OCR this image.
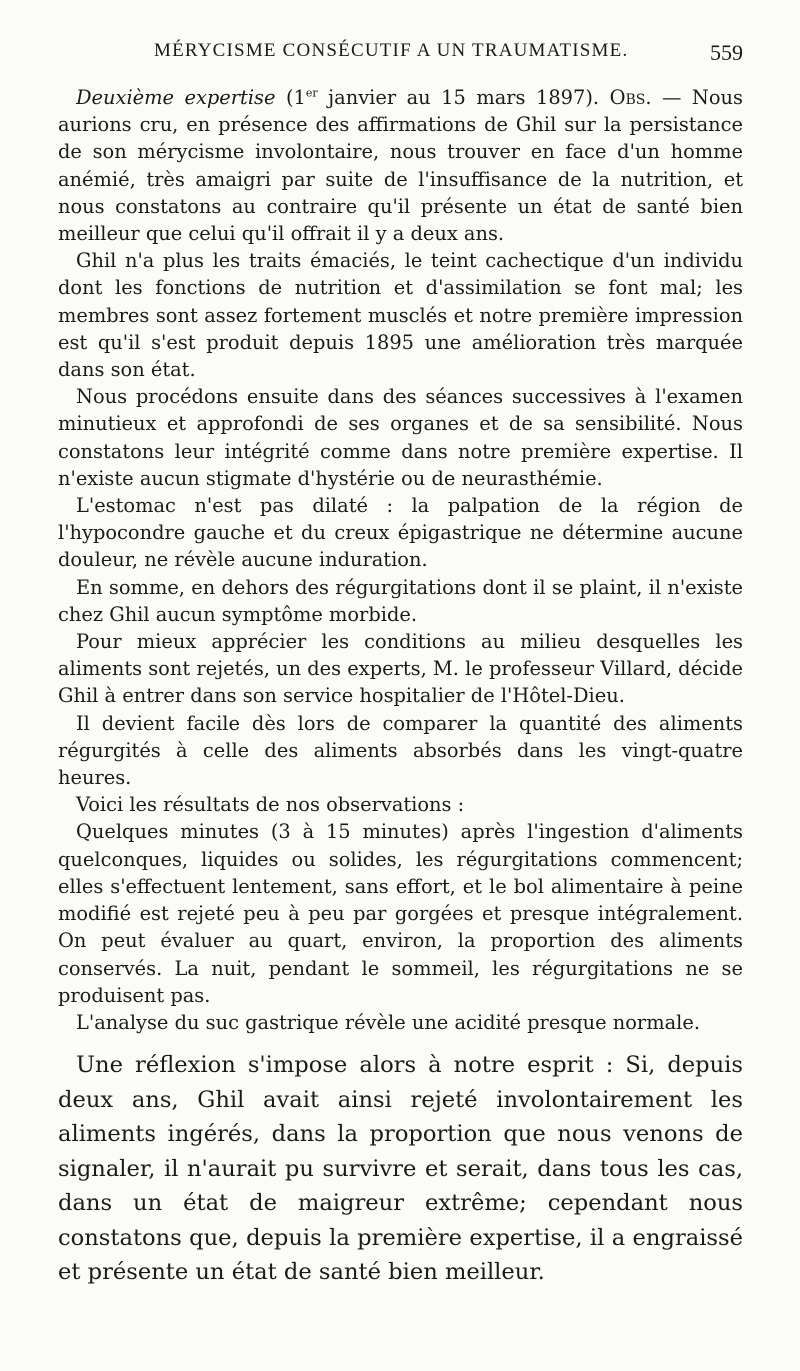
MÉRYCISME CONSÉCUTIF A UN TRAUMATISME.	559

Deuxième expertise (1er janvier au 15 mars 1897). Obs. — Nous aurions cru, en présence des affirmations de Ghil sur la persistance de son mérycisme involontaire, nous trouver en face d'un homme anémié, très amaigri par suite de l'insuffisance de la nutrition, et nous constatons au contraire qu'il présente un état de santé bien meilleur que celui qu'il offrait il y a deux ans.

Ghil n'a plus les traits émaciés, le teint cachectique d'un individu dont les fonctions de nutrition et d'assimilation se font mal; les membres sont assez fortement musclés et notre première impression est qu'il s'est produit depuis 1895 une amélioration très marquée dans son état.

Nous procédons ensuite dans des séances successives à l'examen minutieux et approfondi de ses organes et de sa sensibilité. Nous constatons leur intégrité comme dans notre première expertise. Il n'existe aucun stigmate d'hystérie ou de neurasthémie.

L'estomac n'est pas dilaté : la palpation de la région de l'hypocondre gauche et du creux épigastrique ne détermine aucune douleur, ne révèle aucune induration.

En somme, en dehors des régurgitations dont il se plaint, il n'existe chez Ghil aucun symptôme morbide.

Pour mieux apprécier les conditions au milieu desquelles les aliments sont rejetés, un des experts, M. le professeur Villard, décide Ghil à entrer dans son service hospitalier de l'Hôtel-Dieu.

Il devient facile dès lors de comparer la quantité des aliments régurgités à celle des aliments absorbés dans les vingt-quatre heures.

Voici les résultats de nos observations :

Quelques minutes (3 à 15 minutes) après l'ingestion d'aliments quelconques, liquides ou solides, les régurgitations commencent; elles s'effectuent lentement, sans effort, et le bol alimentaire à peine modifié est rejeté peu à peu par gorgées et presque intégralement. On peut évaluer au quart, environ, la proportion des aliments conservés. La nuit, pendant le sommeil, les régurgitations ne se produisent pas.

L'analyse du suc gastrique révèle une acidité presque normale.

Une réflexion s'impose alors à notre esprit : Si, depuis deux ans, Ghil avait ainsi rejeté involontairement les aliments ingérés, dans la proportion que nous venons de signaler, il n'aurait pu survivre et serait, dans tous les cas, dans un état de maigreur extrême; cependant nous constatons que, depuis la première expertise, il a engraissé et présente un état de santé bien meilleur.
